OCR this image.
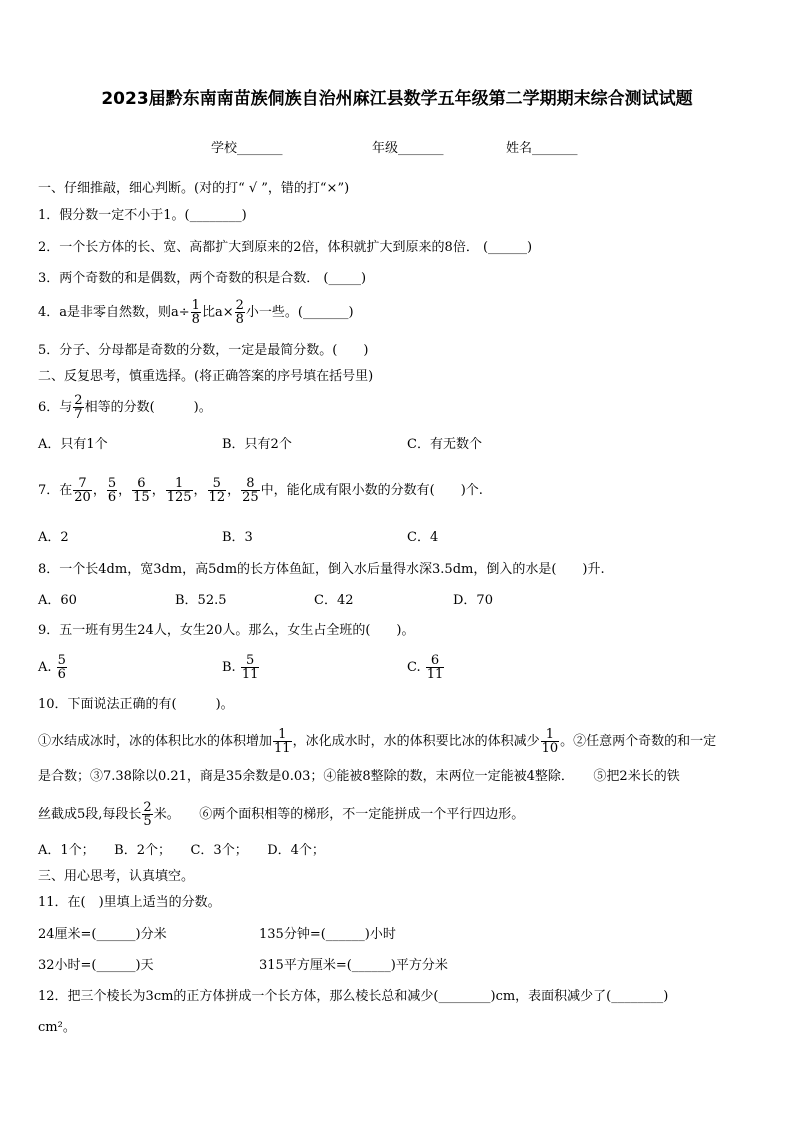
2023届黔东南南苗族侗族自治州麻江县数学五年级第二学期期末综合测试试题
学校_______	年级_______	姓名_______
一、仔细推敲，细心判断。(对的打“ √ ”，错的打“×”)
1．假分数一定不小于1。(________)
2．一个长方体的长、宽、高都扩大到原来的2倍，体积就扩大到原来的8倍． (______)
3．两个奇数的和是偶数，两个奇数的积是合数． (_____)
4．a是非零自然数，则$a\div \frac{1}{8}$ 比$a\times \frac{2}{8}$ 小一些。(_______)
5．分子、分母都是奇数的分数，一定是最简分数。(　　)
二、反复思考，慎重选择。(将正确答案的序号填在括号里)
6．与 $\frac{2}{7}$ 相等的分数(　　　)。
A．只有1个	B．只有2个	C．有无数个
7．在 $\frac{7}{20}$ ， $\frac{5}{6}$ ， $\frac{6}{15}$ ， $\frac{1}{125}$ ， $\frac{5}{12}$ ， $\frac{8}{25}$ 中，能化成有限小数的分数有(　　)个.
A．2	B．3	C．4
8．一个长4dm，宽3dm，高5dm的长方体鱼缸，倒入水后量得水深3.5dm，倒入的水是(　　)升.
A．60	B．52.5	C．42	D．70
9．五一班有男生24人，女生20人。那么，女生占全班的(　　)。
A. $\frac{5}{6}$	B. $\frac{5}{11}$	C. $\frac{6}{11}$
10．下面说法正确的有(　　　)。
①水结成冰时，冰的体积比水的体积增加 $\frac{1}{11}$ ，冰化成水时，水的体积要比冰的体积减少 $\frac{1}{10}$ 。②任意两个奇数的和一定
是合数；③7.38除以0.21，商是35余数是0.03；④能被8整除的数，末两位一定能被4整除．　　⑤把2米长的铁
丝截成5段,每段长 $\frac{2}{5}$ 米。　　⑥两个面积相等的梯形，不一定能拼成一个平行四边形。
A．1个；　　B．2个；　　C．3个；　　D．4个；
三、用心思考，认真填空。
11．在(　)里填上适当的分数。
24厘米=(______)分米	135分钟=(______)小时
32小时=(______)天	315平方厘米=(______)平方分米
12．把三个棱长为3cm的正方体拼成一个长方体，那么棱长总和减少(________)cm，表面积减少了(________)
cm²。
